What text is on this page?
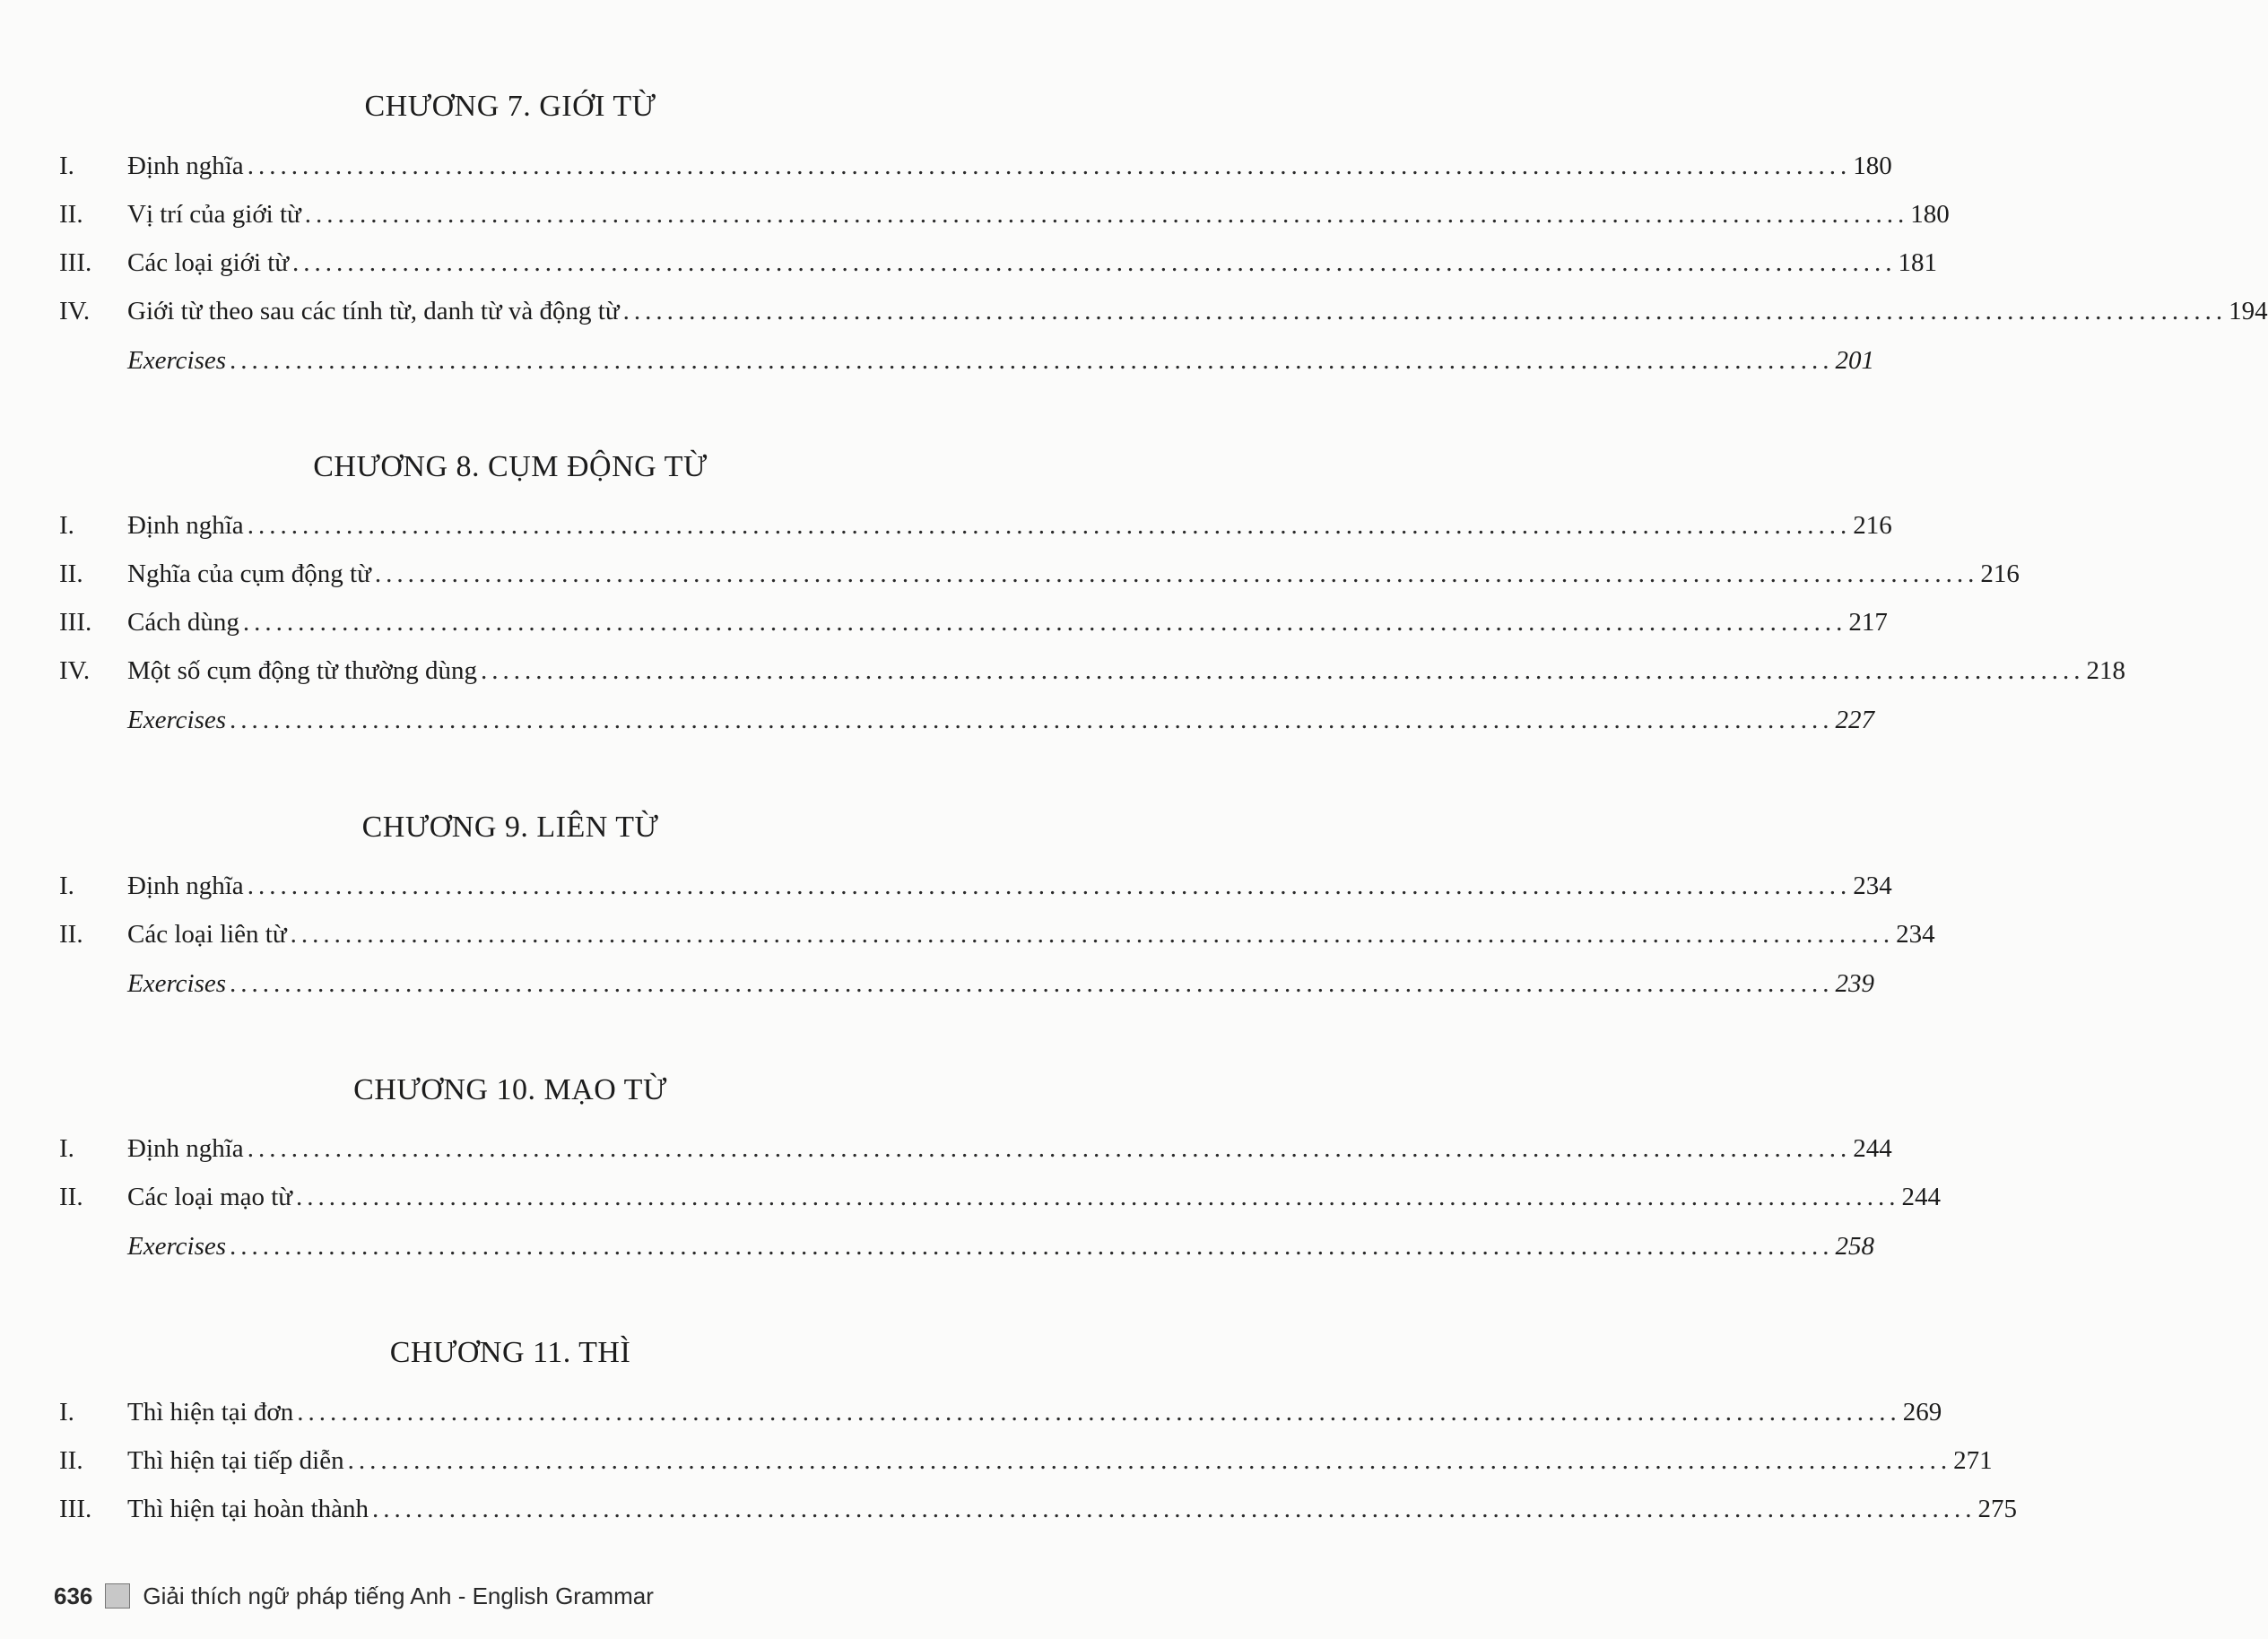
CHƯƠNG 7. GIỚI TỪ
I. Định nghĩa .................................................................................................................................................. 180
II. Vị trí của giới từ .................................................................................................................................................. 180
III. Các loại giới từ .................................................................................................................................................. 181
IV. Giới từ theo sau các tính từ, danh từ và động từ .................................................................................................................................................. 194
Exercises .................................................................................................................................................. 201
CHƯƠNG 8. CỤM ĐỘNG TỪ
I. Định nghĩa .................................................................................................................................................. 216
II. Nghĩa của cụm động từ .................................................................................................................................................. 216
III. Cách dùng .................................................................................................................................................. 217
IV. Một số cụm động từ thường dùng .................................................................................................................................................. 218
Exercises .................................................................................................................................................. 227
CHƯƠNG 9. LIÊN TỪ
I. Định nghĩa .................................................................................................................................................. 234
II. Các loại liên từ .................................................................................................................................................. 234
Exercises .................................................................................................................................................. 239
CHƯƠNG 10. MẠO TỪ
I. Định nghĩa .................................................................................................................................................. 244
II. Các loại mạo từ .................................................................................................................................................. 244
Exercises .................................................................................................................................................. 258
CHƯƠNG 11. THÌ
I. Thì hiện tại đơn .................................................................................................................................................. 269
II. Thì hiện tại tiếp diễn .................................................................................................................................................. 271
III. Thì hiện tại hoàn thành .................................................................................................................................................. 275
636 Giải thích ngữ pháp tiếng Anh - English Grammar
